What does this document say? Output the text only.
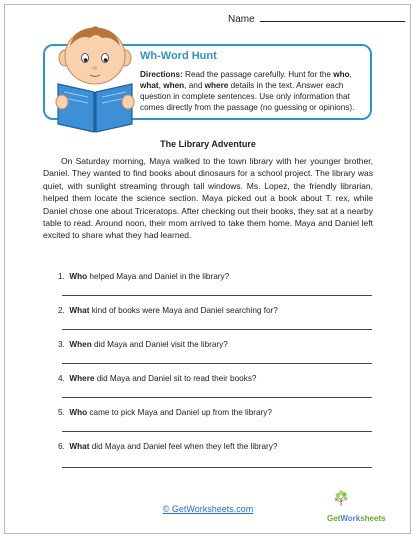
Name
Wh-Word Hunt
Directions: Read the passage carefully. Hunt for the who, what, when, and where details in the text. Answer each question in complete sentences. Use only information that comes directly from the passage (no guessing or opinions).
The Library Adventure
On Saturday morning, Maya walked to the town library with her younger brother, Daniel. They wanted to find books about dinosaurs for a school project. The library was quiet, with sunlight streaming through tall windows. Ms. Lopez, the friendly librarian, helped them locate the science section. Maya picked out a book about T. rex, while Daniel chose one about Triceratops. After checking out their books, they sat at a nearby table to read. Around noon, their mom arrived to take them home. Maya and Daniel left excited to share what they had learned.
1. Who helped Maya and Daniel in the library?
2. What kind of books were Maya and Daniel searching for?
3. When did Maya and Daniel visit the library?
4. Where did Maya and Daniel sit to read their books?
5. Who came to pick Maya and Daniel up from the library?
6. What did Maya and Daniel feel when they left the library?
© GetWorksheets.com
GetWorksheets
